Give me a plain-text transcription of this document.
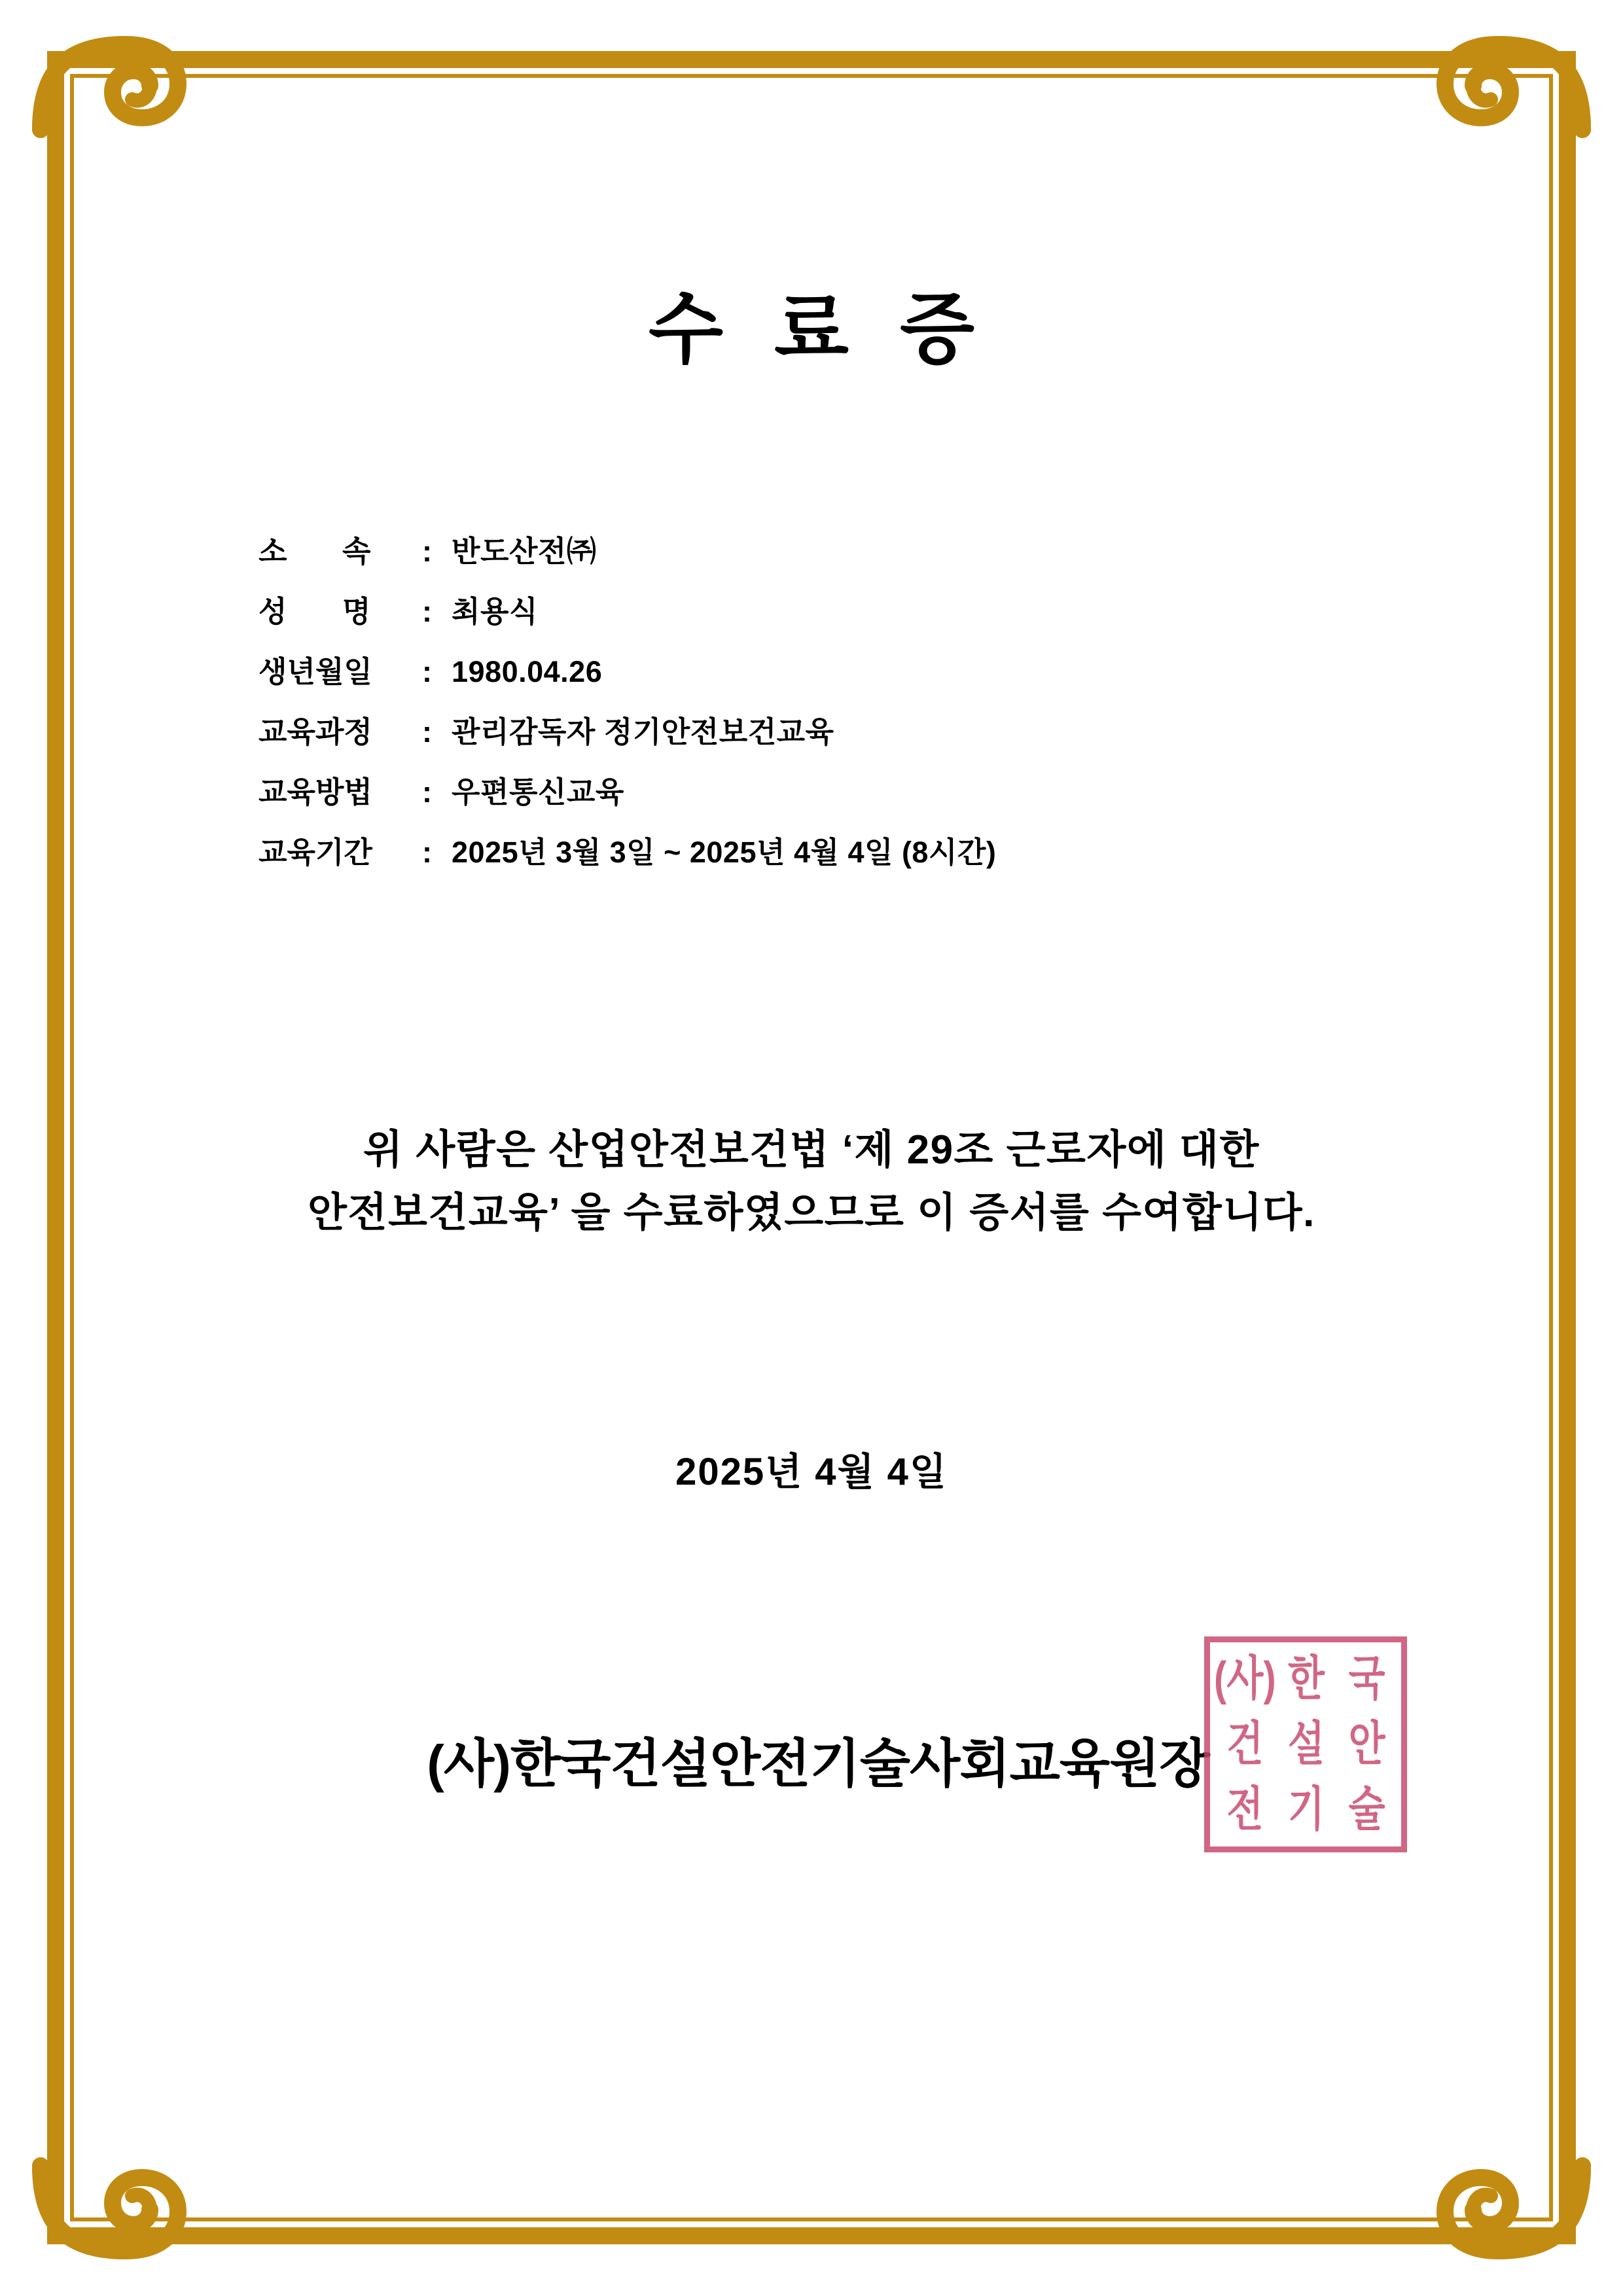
수료증
소 속 : 반도산전㈜
성 명 : 최용식
생년월일	: 1980.04.26
교육과정	: 관리감독자 정기안전보건교육
교육방법	: 우편통신교육
교육기간	: 2025년 3월 3일 ~ 2025년 4월 4일 (8시간)
위 사람은 산업안전보건법 ‘제 29조 근로자에 대한
안전보건교육’ 을 수료하였으므로 이 증서를 수여합니다.
2025년 4월 4일
(사)한국건설안전기술사회교육원장
(사) 한 국
건 설 안
전 기 술
